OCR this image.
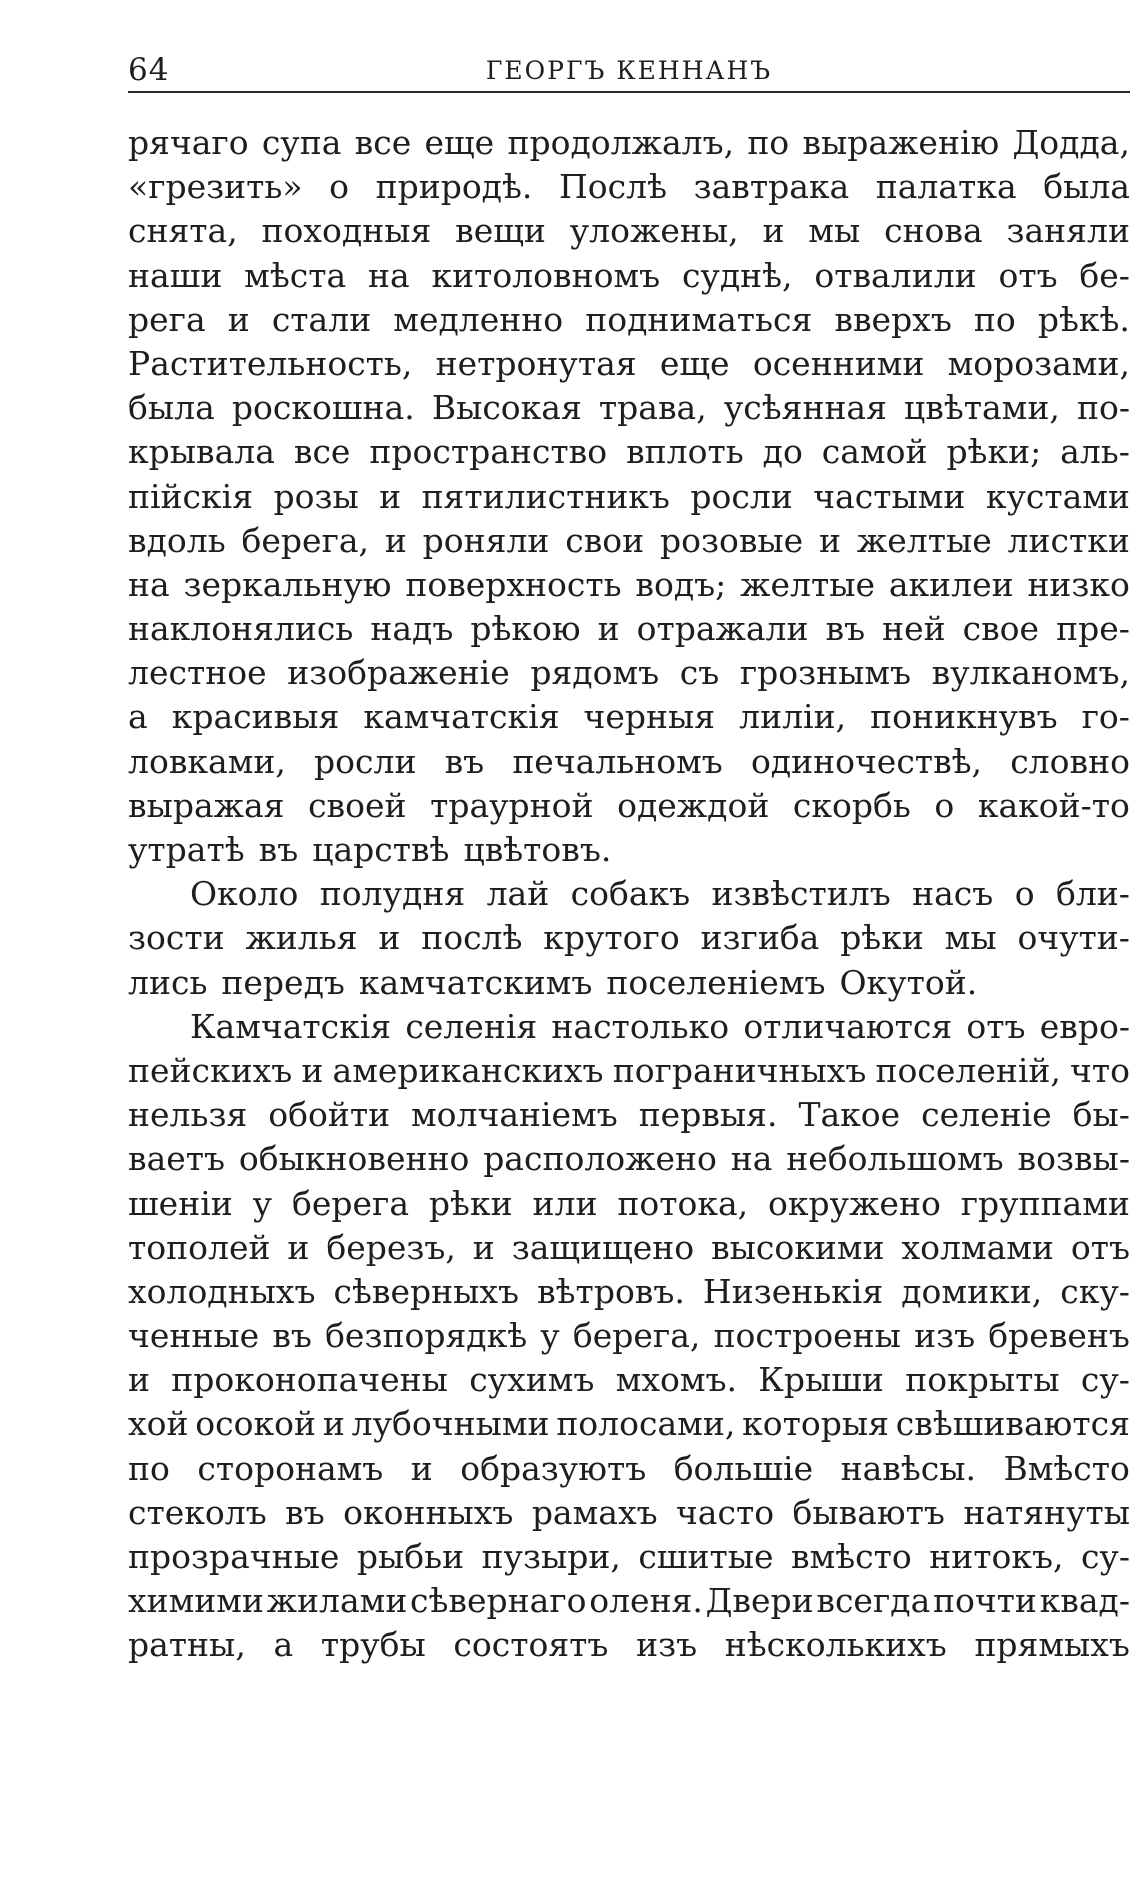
64	ГЕОРГЪ КЕННАНЪ
рячаго супа все еще продолжалъ, по выраженію Додда,
«грезить» о природѣ. Послѣ завтрака палатка была
снята, походныя вещи уложены, и мы снова заняли
наши мѣста на китоловномъ суднѣ, отвалили отъ бе-
рега и стали медленно подниматься вверхъ по рѣкѣ.
Растительность, нетронутая еще осенними морозами,
была роскошна. Высокая трава, усѣянная цвѣтами, по-
крывала все пространство вплоть до самой рѣки; аль-
пійскія розы и пятилистникъ росли частыми кустами
вдоль берега, и роняли свои розовые и желтые листки
на зеркальную поверхность водъ; желтые акилеи низко
наклонялись надъ рѣкою и отражали въ ней свое пре-
лестное изображеніе рядомъ съ грознымъ вулканомъ,
а красивыя камчатскія черныя лиліи, поникнувъ го-
ловками, росли въ печальномъ одиночествѣ, словно
выражая своей траурной одеждой скорбь о какой-то
утратѣ въ царствѣ цвѣтовъ.
Около полудня лай собакъ извѣстилъ насъ о бли-
зости жилья и послѣ крутого изгиба рѣки мы очути-
лись передъ камчатскимъ поселеніемъ Окутой.
Камчатскія селенія настолько отличаются отъ евро-
пейскихъ и американскихъ пограничныхъ поселеній, что
нельзя обойти молчаніемъ первыя. Такое селеніе бы-
ваетъ обыкновенно расположено на небольшомъ возвы-
шеніи у берега рѣки или потока, окружено группами
тополей и березъ, и защищено высокими холмами отъ
холодныхъ сѣверныхъ вѣтровъ. Низенькія домики, ску-
ченные въ безпорядкѣ у берега, построены изъ бревенъ
и проконопачены сухимъ мхомъ. Крыши покрыты су-
хой осокой и лубочными полосами, которыя свѣшиваются
по сторонамъ и образуютъ большіе навѣсы. Вмѣсто
стеколъ въ оконныхъ рамахъ часто бываютъ натянуты
прозрачные рыбьи пузыри, сшитые вмѣсто нитокъ, су-
химими жилами сѣвернаго оленя. Двери всегда почти квад-
ратны, а трубы состоятъ изъ нѣсколькихъ прямыхъ
